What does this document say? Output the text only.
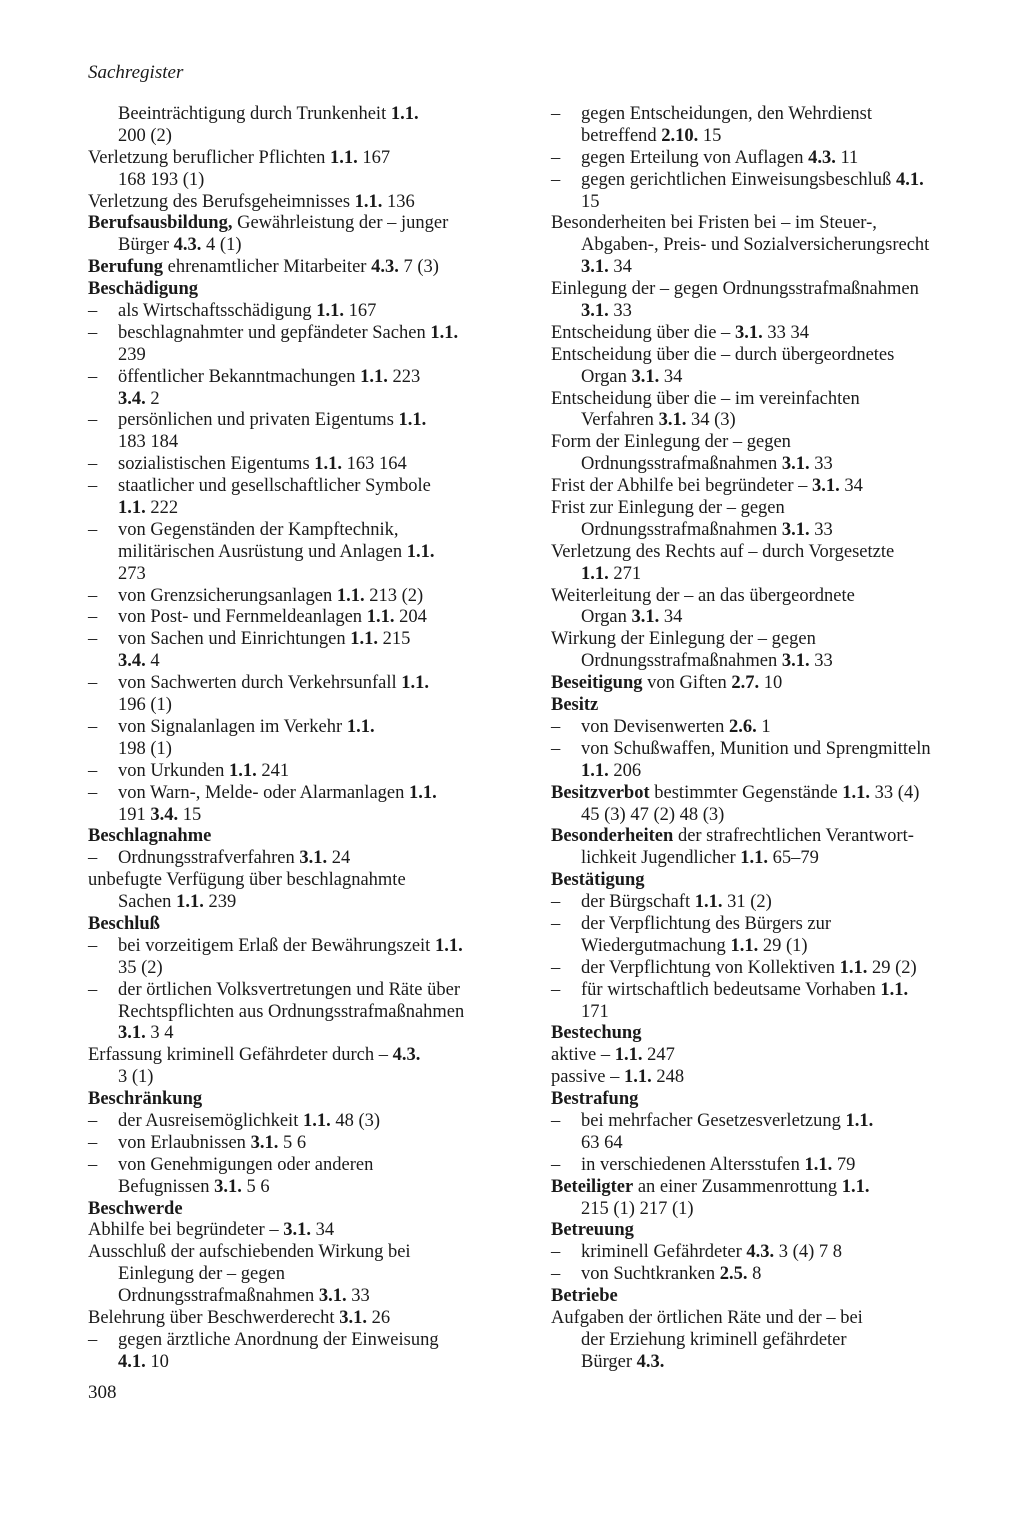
Sachregister
Beeinträchtigung durch Trunkenheit 1.1.
200 (2)
Verletzung beruflicher Pflichten 1.1. 167
168 193 (1)
Verletzung des Berufsgeheimnisses 1.1. 136
Berufsausbildung, Gewährleistung der – junger
Bürger 4.3. 4 (1)
Berufung ehrenamtlicher Mitarbeiter 4.3. 7 (3)
Beschädigung
– als Wirtschaftsschädigung 1.1. 167
– beschlagnahmter und gepfändeter Sachen 1.1.
239
– öffentlicher Bekanntmachungen 1.1. 223
3.4. 2
– persönlichen und privaten Eigentums 1.1.
183 184
– sozialistischen Eigentums 1.1. 163 164
– staatlicher und gesellschaftlicher Symbole
1.1. 222
– von Gegenständen der Kampftechnik,
militärischen Ausrüstung und Anlagen 1.1.
273
– von Grenzsicherungsanlagen 1.1. 213 (2)
– von Post- und Fernmeldeanlagen 1.1. 204
– von Sachen und Einrichtungen 1.1. 215
3.4. 4
– von Sachwerten durch Verkehrsunfall 1.1.
196 (1)
– von Signalanlagen im Verkehr 1.1.
198 (1)
– von Urkunden 1.1. 241
– von Warn-, Melde- oder Alarmanlagen 1.1.
191 3.4. 15
Beschlagnahme
– Ordnungsstrafverfahren 3.1. 24
unbefugte Verfügung über beschlagnahmte
Sachen 1.1. 239
Beschluß
– bei vorzeitigem Erlaß der Bewährungszeit 1.1.
35 (2)
– der örtlichen Volksvertretungen und Räte über
Rechtspflichten aus Ordnungsstrafmaßnahmen
3.1. 3 4
Erfassung kriminell Gefährdeter durch – 4.3.
3 (1)
Beschränkung
– der Ausreisemöglichkeit 1.1. 48 (3)
– von Erlaubnissen 3.1. 5 6
– von Genehmigungen oder anderen
Befugnissen 3.1. 5 6
Beschwerde
Abhilfe bei begründeter – 3.1. 34
Ausschluß der aufschiebenden Wirkung bei
Einlegung der – gegen
Ordnungsstrafmaßnahmen 3.1. 33
Belehrung über Beschwerderecht 3.1. 26
– gegen ärztliche Anordnung der Einweisung
4.1. 10
– gegen Entscheidungen, den Wehrdienst
betreffend 2.10. 15
– gegen Erteilung von Auflagen 4.3. 11
– gegen gerichtlichen Einweisungsbeschluß 4.1.
15
Besonderheiten bei Fristen bei – im Steuer-,
Abgaben-, Preis- und Sozialversicherungsrecht
3.1. 34
Einlegung der – gegen Ordnungsstrafmaßnahmen
3.1. 33
Entscheidung über die – 3.1. 33 34
Entscheidung über die – durch übergeordnetes
Organ 3.1. 34
Entscheidung über die – im vereinfachten
Verfahren 3.1. 34 (3)
Form der Einlegung der – gegen
Ordnungsstrafmaßnahmen 3.1. 33
Frist der Abhilfe bei begründeter – 3.1. 34
Frist zur Einlegung der – gegen
Ordnungsstrafmaßnahmen 3.1. 33
Verletzung des Rechts auf – durch Vorgesetzte
1.1. 271
Weiterleitung der – an das übergeordnete
Organ 3.1. 34
Wirkung der Einlegung der – gegen
Ordnungsstrafmaßnahmen 3.1. 33
Beseitigung von Giften 2.7. 10
Besitz
– von Devisenwerten 2.6. 1
– von Schußwaffen, Munition und Sprengmitteln
1.1. 206
Besitzverbot bestimmter Gegenstände 1.1. 33 (4)
45 (3) 47 (2) 48 (3)
Besonderheiten der strafrechtlichen Verantwort-
lichkeit Jugendlicher 1.1. 65–79
Bestätigung
– der Bürgschaft 1.1. 31 (2)
– der Verpflichtung des Bürgers zur
Wiedergutmachung 1.1. 29 (1)
– der Verpflichtung von Kollektiven 1.1. 29 (2)
– für wirtschaftlich bedeutsame Vorhaben 1.1.
171
Bestechung
aktive – 1.1. 247
passive – 1.1. 248
Bestrafung
– bei mehrfacher Gesetzesverletzung 1.1.
63 64
– in verschiedenen Altersstufen 1.1. 79
Beteiligter an einer Zusammenrottung 1.1.
215 (1) 217 (1)
Betreuung
– kriminell Gefährdeter 4.3. 3 (4) 7 8
– von Suchtkranken 2.5. 8
Betriebe
Aufgaben der örtlichen Räte und der – bei
der Erziehung kriminell gefährdeter
Bürger 4.3.
308
